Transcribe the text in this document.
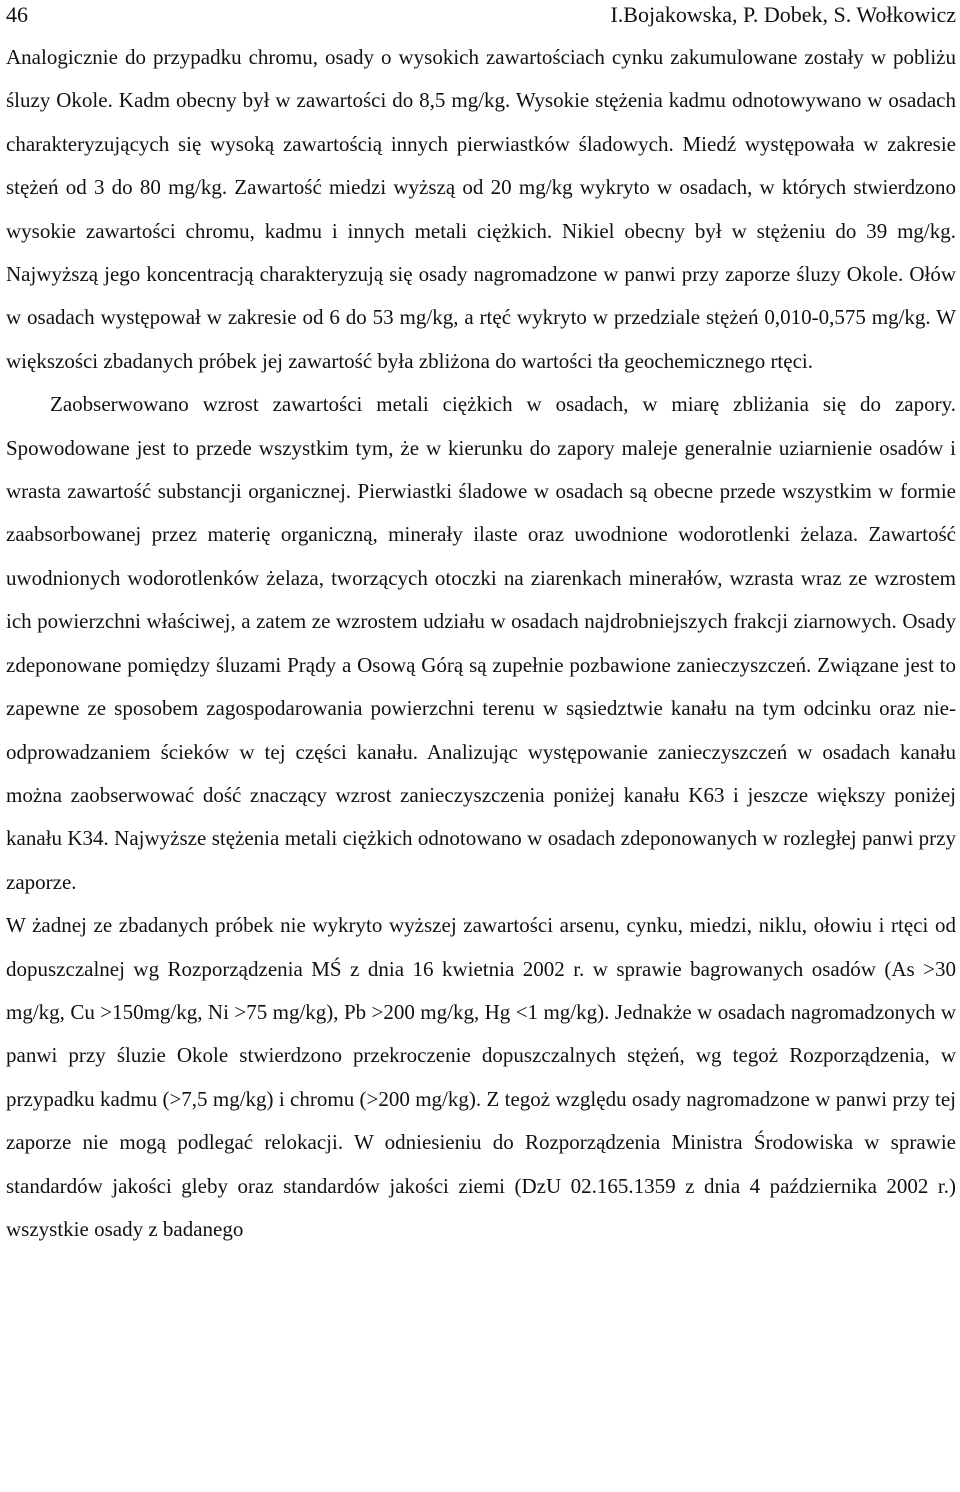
46	I.Bojakowska, P. Dobek, S. Wołkowicz

Analogicznie do przypadku chromu, osady o wysokich zawartościach cynku zakumulowane zostały w pobliżu śluzy Okole. Kadm obecny był w zawartości do 8,5 mg/kg. Wysokie stężenia kadmu odnotowywano w osadach charakteryzujących się wysoką zawartością innych pierwiastków śladowych. Miedź występowała w zakresie stężeń od 3 do 80 mg/kg. Zawartość miedzi wyższą od 20 mg/kg wykryto w osadach, w których stwierdzono wysokie zawartości chromu, kadmu i innych metali ciężkich. Nikiel obecny był w stężeniu do 39 mg/kg. Najwyższą jego koncentracją charakteryzują się osady nagromadzone w panwi przy zaporze śluzy Okole. Ołów w osadach występował w zakresie od 6 do 53 mg/kg, a rtęć wykryto w przedziale stężeń 0,010-0,575 mg/kg. W większości zbadanych próbek jej zawartość była zbliżona do wartości tła geochemicznego rtęci.

Zaobserwowano wzrost zawartości metali ciężkich w osadach, w miarę zbliżania się do zapory. Spowodowane jest to przede wszystkim tym, że w kierunku do zapory maleje generalnie uziarnienie osadów i wrasta zawartość substancji organicznej. Pierwiastki śladowe w osadach są obecne przede wszystkim w formie zaabsorbowanej przez materię organiczną, minerały ilaste oraz uwodnione wodorotlenki żelaza. Zawartość uwodnionych wodorotlenków żelaza, tworzących otoczki na ziarenkach minerałów, wzrasta wraz ze wzrostem ich powierzchni właściwej, a zatem ze wzrostem udziału w osadach najdrobniejszych frakcji ziarnowych. Osady zdeponowane pomiędzy śluzami Prądy a Osową Górą są zupełnie pozbawione zanieczyszczeń. Związane jest to zapewne ze sposobem zagospodarowania powierzchni terenu w sąsiedztwie kanału na tym odcinku oraz nie-odprowadzaniem ścieków w tej części kanału. Analizując występowanie zanieczyszczeń w osadach kanału można zaobserwować dość znaczący wzrost zanieczyszczenia poniżej kanału K63 i jeszcze większy poniżej kanału K34. Najwyższe stężenia metali ciężkich odnotowano w osadach zdeponowanych w rozległej panwi przy zaporze.

W żadnej ze zbadanych próbek nie wykryto wyższej zawartości arsenu, cynku, miedzi, niklu, ołowiu i rtęci od dopuszczalnej wg Rozporządzenia MŚ z dnia 16 kwietnia 2002 r. w sprawie bagrowanych osadów (As >30 mg/kg, Cu >150mg/kg, Ni >75 mg/kg), Pb >200 mg/kg, Hg <1 mg/kg). Jednakże w osadach nagromadzonych w panwi przy śluzie Okole stwierdzono przekroczenie dopuszczalnych stężeń, wg tegoż Rozporządzenia, w przypadku kadmu (>7,5 mg/kg) i chromu (>200 mg/kg). Z tegoż względu osady nagromadzone w panwi przy tej zaporze nie mogą podlegać relokacji. W odniesieniu do Rozporządzenia Ministra Środowiska w sprawie standardów jakości gleby oraz standardów jakości ziemi (DzU 02.165.1359 z dnia 4 października 2002 r.) wszystkie osady z badanego
